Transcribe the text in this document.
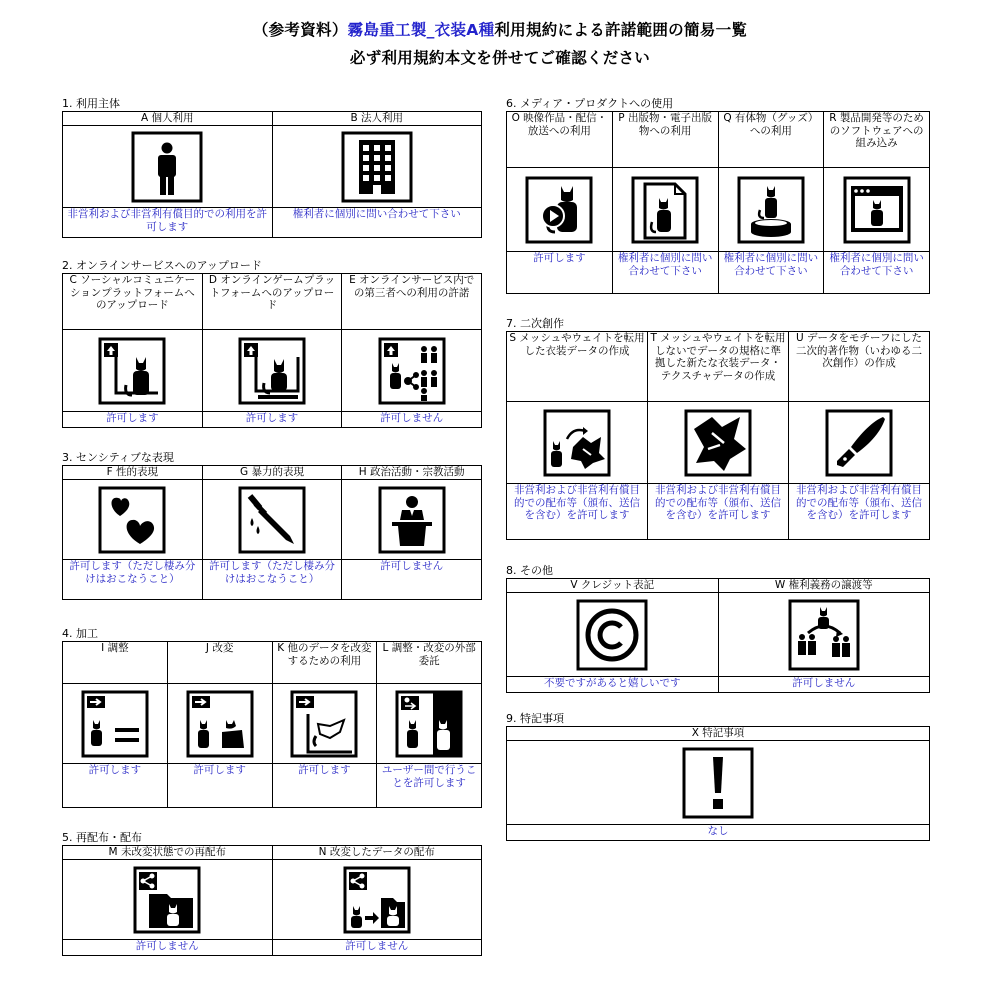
（参考資料）霧島重工製_衣装A種利用規約による許諾範囲の簡易一覧
必ず利用規約本文を併せてご確認ください
1. 利用主体
A 個人利用	B 法人利用

非営利および非営利有償目的での利用を許可します	権利者に個別に問い合わせて下さい
2. オンラインサービスへのアップロード
C ソーシャルコミュニケーションプラットフォームへのアップロード	D オンラインゲームプラットフォームへのアップロード	E オンラインサービス内での第三者への利用の許諾

許可します	許可します	許可しません
3. センシティブな表現
F 性的表現	G 暴力的表現	H 政治活動・宗教活動

許可します（ただし棲み分けはおこなうこと）	許可します（ただし棲み分けはおこなうこと）	許可しません
4. 加工
I 調整	J 改変	K 他のデータを改変するための利用	L 調整・改変の外部委託

許可します	許可します	許可します	ユーザー間で行うことを許可します
5. 再配布・配布
M 未改変状態での再配布	N 改変したデータの配布

許可しません	許可しません
6. メディア・プロダクトへの使用
O 映像作品・配信・放送への利用	P 出版物・電子出版物への利用	Q 有体物（グッズ）への利用	R 製品開発等のためのソフトウェアへの組み込み

許可します	権利者に個別に問い合わせて下さい	権利者に個別に問い合わせて下さい	権利者に個別に問い合わせて下さい
7. 二次創作
S メッシュやウェイトを転用した衣装データの作成	T メッシュやウェイトを転用しないでデータの規格に準拠した新たな衣装データ・テクスチャデータの作成	U データをモチーフにした二次的著作物（いわゆる二次創作）の作成

非営利および非営利有償目的での配布等（頒布、送信を含む）を許可します	非営利および非営利有償目的での配布等（頒布、送信を含む）を許可します	非営利および非営利有償目的での配布等（頒布、送信を含む）を許可します
8. その他
V クレジット表記	W 権利義務の譲渡等

不要ですがあると嬉しいです	許可しません
9. 特記事項
X 特記事項

なし
